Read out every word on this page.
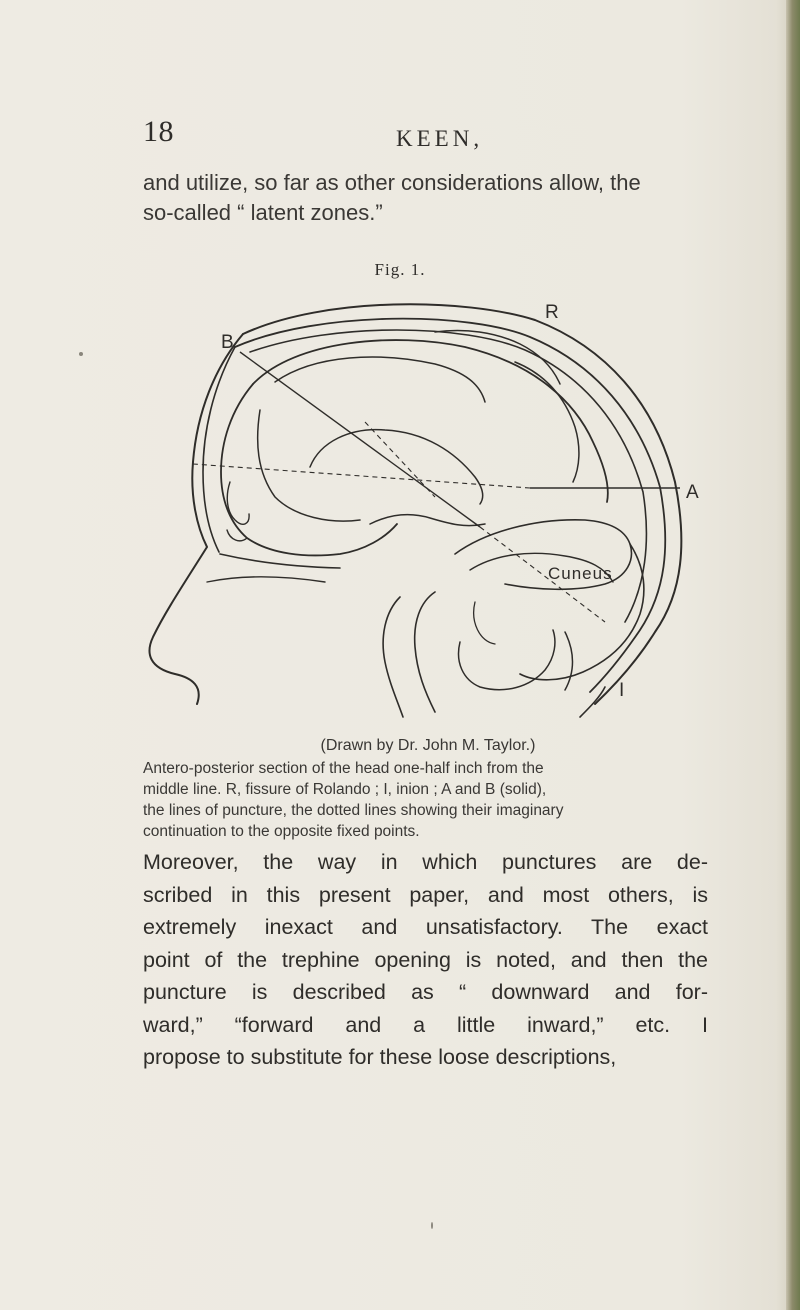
18	KEEN,
and utilize, so far as other considerations allow, the
so-called “ latent zones.”
Fig. 1.
R
B
A
I
Cuneus
(Drawn by Dr. John M. Taylor.)
Antero-posterior section of the head one-half inch from the
middle line. R, fissure of Rolando ; I, inion ; A and B (solid),
the lines of puncture, the dotted lines showing their imaginary
continuation to the opposite fixed points.
Moreover, the way in which punctures are de-
scribed in this present paper, and most others, is
extremely inexact and unsatisfactory. The exact
point of the trephine opening is noted, and then the
puncture is described as “ downward and for-
ward,” “forward and a little inward,” etc. I
propose to substitute for these loose descriptions,
